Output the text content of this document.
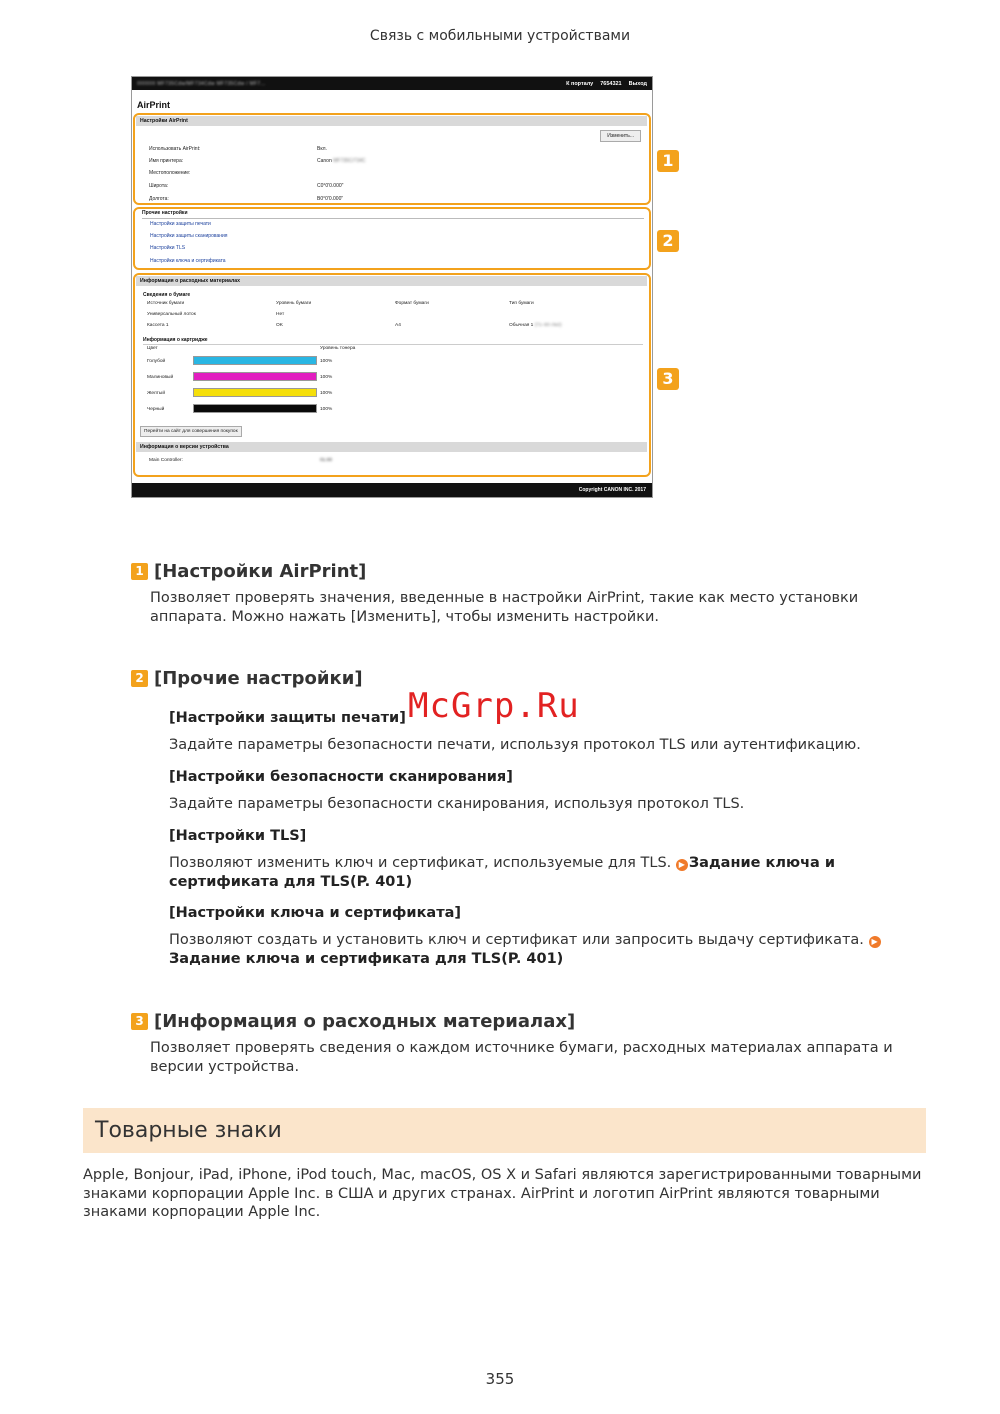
Связь с мобильными устройствами
IIIIIIIIIII MF735Cdw/MF734Cdw MF735Cdw / MF7...	К порталу 7654321 Выход
AirPrint
Настройки AirPrint
Изменить...
Использовать AirPrint:	Вкл.
Имя принтера:	Canon MF735C/734C
Местоположение:
Широта:	C0°0'0.000"
Долгота:	B0°0'0.000"
Прочие настройки
Настройки защиты печати
Настройки защиты сканирования
Настройки TLS
Настройки ключа и сертификата
Информация о расходных материалах
Сведения о бумаге
Источник бумаги	Уровень бумаги	Формат бумаги	Тип бумаги
Универсальный лоток	Нет
Кассета 1	OK	A4	Обычная 1 (71–90 г/м2)
Информация о картридже
Цвет	Уровень тонера
Голубой	100%
Малиновый	100%
Желтый	100%
Черный	100%
Перейти на сайт для совершения покупок
Информация о версии устройства
Main Controller:	01.00
Copyright CANON INC. 2017
1
2
3
1 [Настройки AirPrint]
Позволяет проверять значения, введенные в настройки AirPrint, такие как место установки аппарата. Можно нажать [Изменить], чтобы изменить настройки.
2 [Прочие настройки]
[Настройки защиты печати]
Задайте параметры безопасности печати, используя протокол TLS или аутентификацию.
[Настройки безопасности сканирования]
Задайте параметры безопасности сканирования, используя протокол TLS.
[Настройки TLS]
Позволяют изменить ключ и сертификат, используемые для TLS. ▶ Задание ключа и сертификата для TLS(P. 401)
[Настройки ключа и сертификата]
Позволяют создать и установить ключ и сертификат или запросить выдачу сертификата. ▶Задание ключа и сертификата для TLS(P. 401)
3 [Информация о расходных материалах]
Позволяет проверять сведения о каждом источнике бумаги, расходных материалах аппарата и версии устройства.
McGrp.Ru
Товарные знаки
Apple, Bonjour, iPad, iPhone, iPod touch, Mac, macOS, OS X и Safari являются зарегистрированными товарными знаками корпорации Apple Inc. в США и других странах. AirPrint и логотип AirPrint являются товарными знаками корпорации Apple Inc.
355
